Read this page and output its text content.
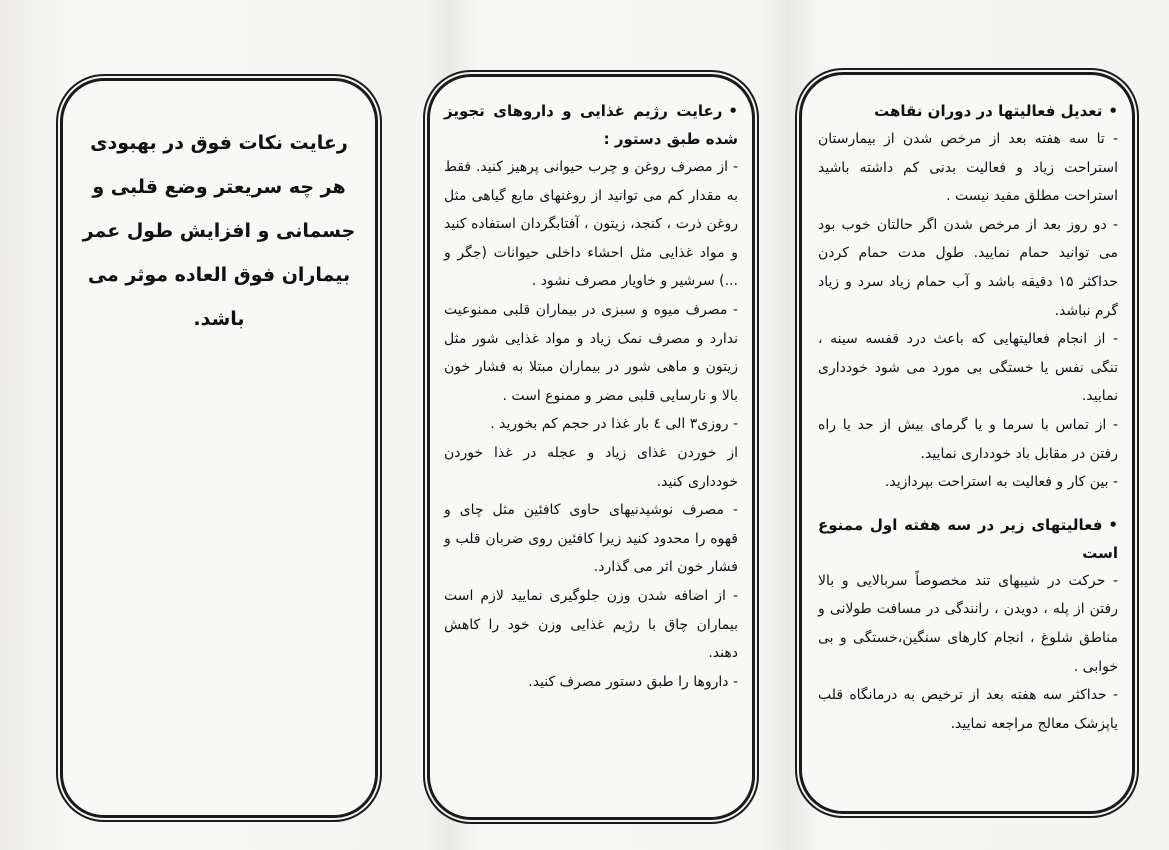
•تعدیل فعالیتها در دوران نقاهت

- تا سه هفته بعد از مرخص شدن از بیمارستان استراحت زیاد و فعالیت بدنی کم داشته باشید استراحت مطلق مفید نیست .

- دو روز بعد از مرخص شدن اگر حالتان خوب بود می توانید حمام نمایید. طول مدت حمام کردن حداکثر ۱۵ دقیقه باشد و آب حمام زیاد سرد و زیاد گرم نباشد.

- از انجام فعالیتهایی که باعث درد قفسه سینه ، تنگی نفس یا خستگی بی مورد می شود خودداری نمایید.

- از تماس با سرما و یا گرمای بیش از حد یا راه رفتن در مقابل باد خودداری نمایید.

- بین کار و فعالیت به استراحت بپردازید.

•فعالیتهای زیر در سه هفته اول ممنوع است

- حرکت در شیبهای تند مخصوصاً سربالایی و بالا رفتن از پله ، دویدن ، رانندگی در مسافت طولانی و مناطق شلوغ ، انجام کارهای سنگین،خستگی و بی خوابی .

- حداکثر سه هفته بعد از ترخیص به درمانگاه قلب یاپزشک معالج مراجعه نمایید.

•رعایت رژیم غذایی و داروهای تجویز شده طبق دستور :

- از مصرف روغن و چرب حیوانی پرهیز کنید. فقط به مقدار کم می توانید از روغنهای مایع گیاهی مثل روغن ذرت ، کنجد، زیتون ، آفتابگردان استفاده کنید و مواد غذایی مثل احشاء داخلی حیوانات (جگر و ...) سرشیر و خاویار مصرف نشود .

- مصرف میوه و سبزی در بیماران قلبی ممنوعیت ندارد و مصرف نمک زیاد و مواد غذایی شور مثل زیتون و ماهی شور در بیماران مبتلا به فشار خون بالا و نارسایی قلبی مضر و ممنوع است .

- روزی۳ الی ٤ بار غذا در حجم کم بخورید .

از خوردن غذای زیاد و عجله در غذا خوردن خودداری کنید.

- مصرف نوشیدنیهای حاوی کافئین مثل چای و قهوه را محدود کنید زیرا کافئین روی ضربان قلب و فشار خون اثر می گذارد.

- از اضافه شدن وزن جلوگیری نمایید لازم است بیماران چاق با رژیم غذایی وزن خود را کاهش دهند.

- داروها را طبق دستور مصرف کنید.

رعایت نکات فوق در بهبودی هر چه سریعتر وضع قلبی و جسمانی و افزایش طول عمر بیماران فوق العاده موثر می باشد.
